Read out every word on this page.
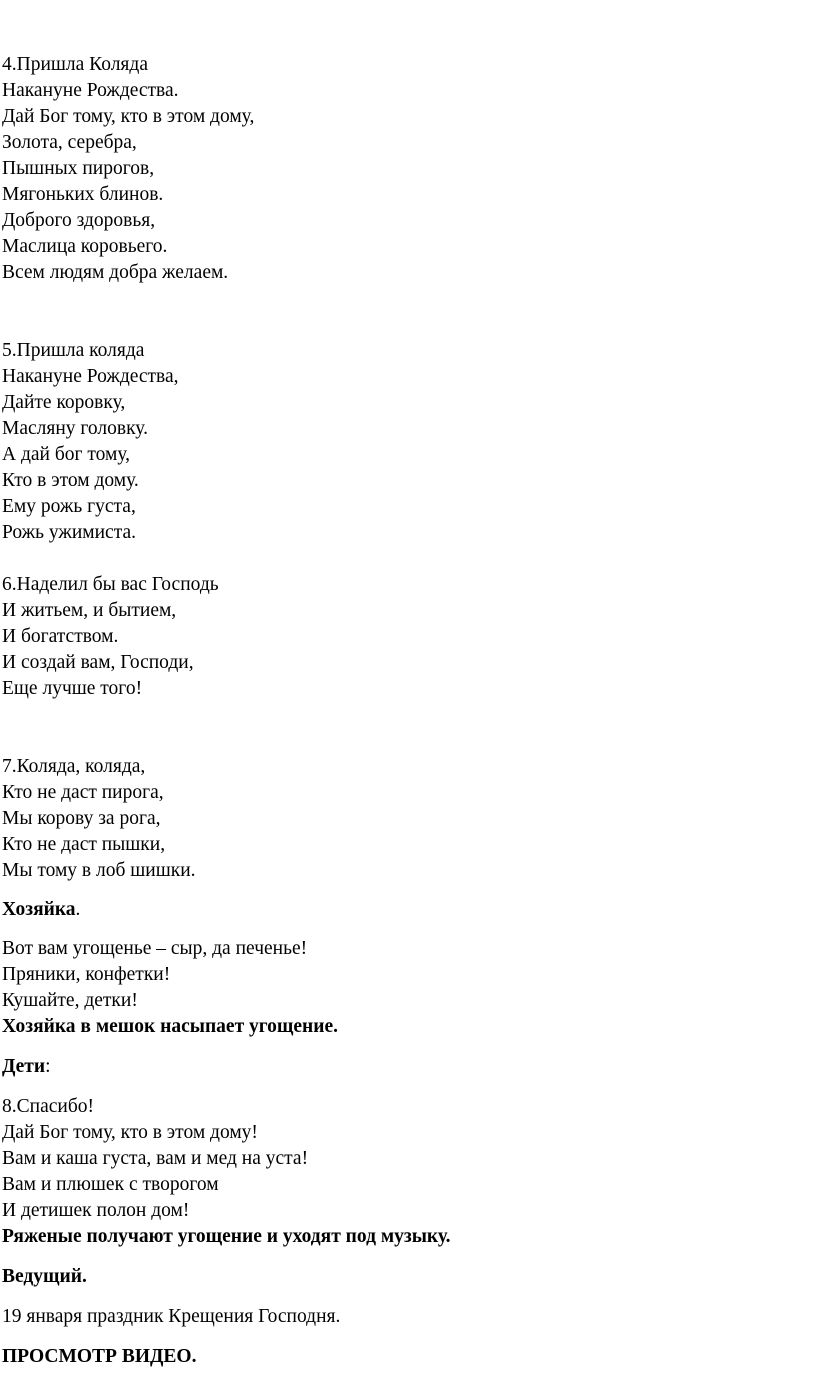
4.Пришла Коляда
Накануне Рождества.
Дай Бог тому, кто в этом дому,
Золота, серебра,
Пышных пирогов,
Мягоньких блинов.
Доброго здоровья,
Маслица коровьего.
Всем людям добра желаем.
5.Пришла коляда
Накануне Рождества,
Дайте коровку,
Масляну головку.
А дай бог тому,
Кто в этом дому.
Ему рожь густа,
Рожь ужимиста.
6.Наделил бы вас Господь
И житьем, и бытием,
И богатством.
И создай вам, Господи,
Еще лучше того!
7.Коляда, коляда,
Кто не даст пирога,
Мы корову за рога,
Кто не даст пышки,
Мы тому в лоб шишки.
Хозяйка.
Вот вам угощенье – сыр, да печенье!
Пряники, конфетки!
Кушайте, детки!
Хозяйка в мешок насыпает угощение.
Дети:
8.Спасибо!
Дай Бог тому, кто в этом дому!
Вам и каша густа, вам и мед на уста!
Вам и плюшек с творогом
И детишек полон дом!
Ряженые получают угощение и уходят под музыку.
Ведущий.
19 января праздник Крещения Господня.
ПРОСМОТР ВИДЕО.
